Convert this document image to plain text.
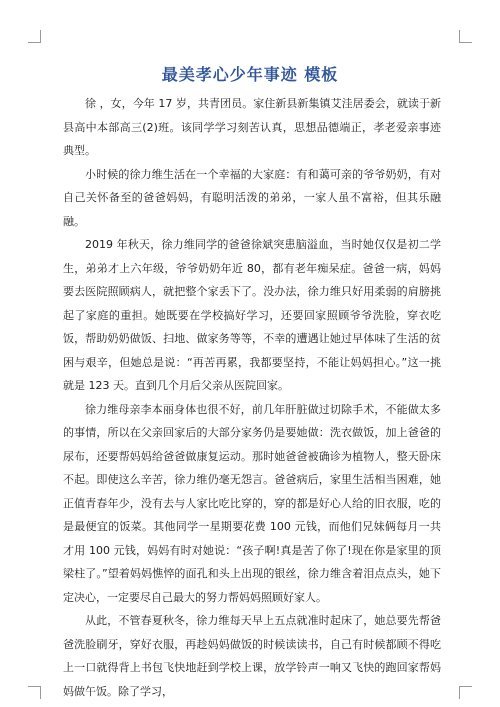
最美孝心少年事迹 模板

徐 ，女，今年 17 岁，共青团员。家住新县新集镇艾洼居委会，就读于新县高中本部高三(2)班。该同学学习刻苦认真，思想品德端正，孝老爱亲事迹典型。

小时候的徐力维生活在一个幸福的大家庭：有和蔼可亲的爷爷奶奶，有对自己关怀备至的爸爸妈妈，有聪明活泼的弟弟，一家人虽不富裕，但其乐融融。

2019 年秋天，徐力维同学的爸爸徐斌突患脑溢血，当时她仅仅是初二学生，弟弟才上六年级，爷爷奶奶年近 80，都有老年痴呆症。爸爸一病，妈妈要去医院照顾病人，就把整个家丢下了。没办法，徐力维只好用柔弱的肩膀挑起了家庭的重担。她既要在学校搞好学习，还要回家照顾爷爷洗脸，穿衣吃饭，帮助奶奶做饭、扫地、做家务等等，不幸的遭遇让她过早体味了生活的贫困与艰辛，但她总是说：“再苦再累，我都要坚持，不能让妈妈担心。”这一挑就是 123 天。直到几个月后父亲从医院回家。

徐力维母亲李本丽身体也很不好，前几年肝脏做过切除手术，不能做太多的事情，所以在父亲回家后的大部分家务仍是要她做：洗衣做饭，加上爸爸的尿布，还要帮妈妈给爸爸做康复运动。那时她爸爸被确诊为植物人，整天卧床不起。即使这么辛苦，徐力维仍毫无怨言。爸爸病后，家里生活相当困难，她正值青春年少，没有去与人家比吃比穿的，穿的都是好心人给的旧衣服，吃的是最便宜的饭菜。其他同学一星期要花费 100 元钱，而他们兄妹俩每月一共才用 100 元钱，妈妈有时对她说：“孩子啊!真是苦了你了!现在你是家里的顶梁柱了。”望着妈妈憔悴的面孔和头上出现的银丝，徐力维含着泪点点头，她下定决心，一定要尽自己最大的努力帮妈妈照顾好家人。

从此，不管春夏秋冬，徐力维每天早上五点就准时起床了，她总要先帮爸爸洗脸刷牙，穿好衣服，再趁妈妈做饭的时候读读书，自己有时候都顾不得吃上一口就得背上书包飞快地赶到学校上课，放学铃声一响又飞快的跑回家帮妈妈做午饭。除了学习，
